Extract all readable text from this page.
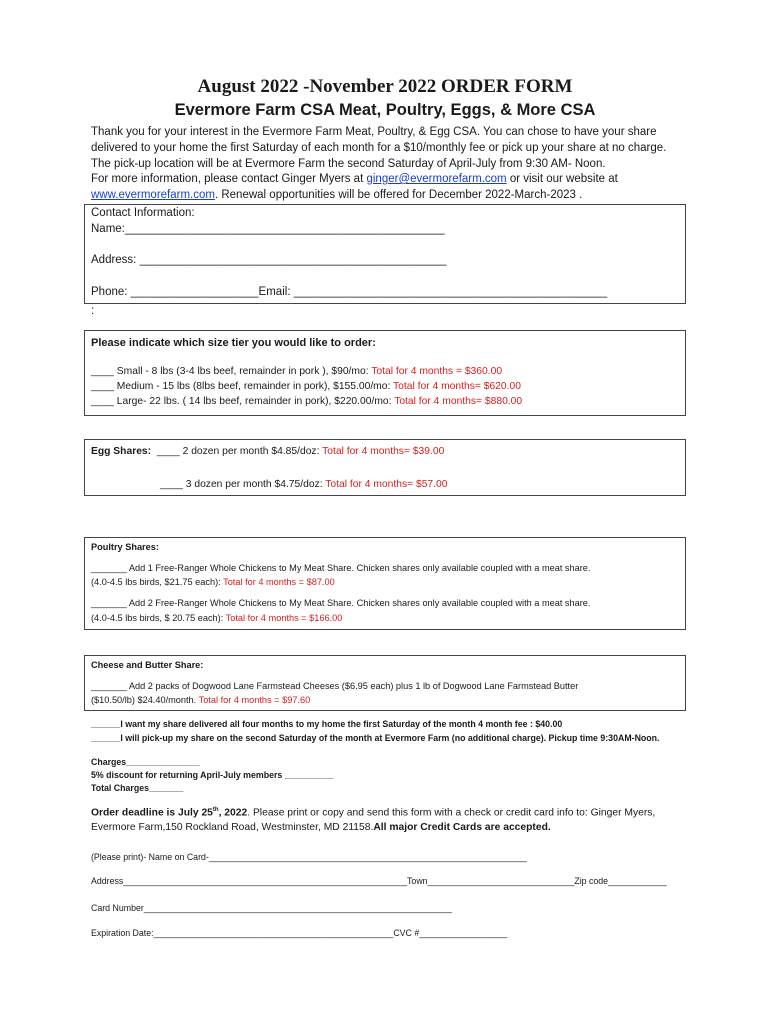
August 2022 -November 2022 ORDER FORM
Evermore Farm CSA Meat, Poultry, Eggs, & More CSA
Thank you for your interest in the Evermore Farm Meat, Poultry, & Egg CSA. You can chose to have your share
delivered to your home the first Saturday of each month for a $10/monthly fee or pick up your share at no charge.
The pick-up location will be at Evermore Farm the second Saturday of April-July from 9:30 AM- Noon.
For more information, please contact Ginger Myers at ginger@evermorefarm.com or visit our website at
www.evermorefarm.com. Renewal opportunities will be offered for December 2022-March-2023 .
Contact Information:
Name:__________________________________________________
Address: ________________________________________________
Phone: ____________________Email: _________________________________________________
:
Please indicate which size tier you would like to order:
____ Small - 8 lbs (3-4 lbs beef, remainder in pork ), $90/mo: Total for 4 months = $360.00
____ Medium - 15 lbs (8lbs beef, remainder in pork), $155.00/mo: Total for 4 months= $620.00
____ Large- 22 lbs. ( 14 lbs beef, remainder in pork), $220.00/mo: Total for 4 months= $880.00
Egg Shares: ____ 2 dozen per month $4.85/doz: Total for 4 months= $39.00
____ 3 dozen per month $4.75/doz: Total for 4 months= $57.00
Poultry Shares:
_______ Add 1 Free-Ranger Whole Chickens to My Meat Share. Chicken shares only available coupled with a meat share.
(4.0-4.5 lbs birds, $21.75 each): Total for 4 months = $87.00
_______ Add 2 Free-Ranger Whole Chickens to My Meat Share. Chicken shares only available coupled with a meat share.
(4.0-4.5 lbs birds, $ 20.75 each): Total for 4 months = $166.00
Cheese and Butter Share:
_______ Add 2 packs of Dogwood Lane Farmstead Cheeses ($6.95 each) plus 1 lb of Dogwood Lane Farmstead Butter
($10.50/lb) $24.40/month. Total for 4 months = $97.60
______I want my share delivered all four months to my home the first Saturday of the month 4 month fee : $40.00
______I will pick-up my share on the second Saturday of the month at Evermore Farm (no additional charge). Pickup time 9:30AM-Noon.
Charges_______________
5% discount for returning April-July members __________
Total Charges_______
Order deadline is July 25th, 2022. Please print or copy and send this form with a check or credit card info to: Ginger Myers,
Evermore Farm,150 Rockland Road, Westminster, MD 21158.All major Credit Cards are accepted.
(Please print)- Name on Card-_________________________________________________________________
Address__________________________________________________________Town______________________________Zip code____________
Card Number_______________________________________________________________
Expiration Date:_________________________________________________CVC #__________________
